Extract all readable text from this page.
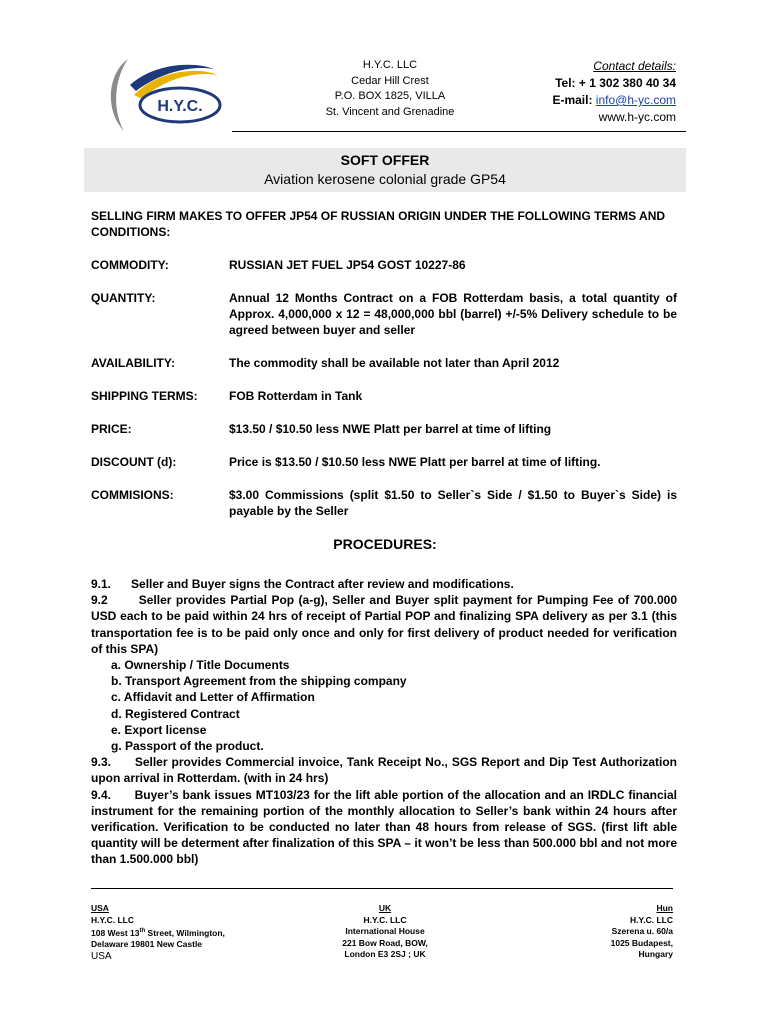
H.Y.C.
H.Y.C. LLC
Cedar Hill Crest
P.O. BOX 1825, VILLA
St. Vincent and Grenadine
Contact details:
Tel: + 1 302 380 40 34
E-mail: info@h-yc.com
www.h-yc.com
SOFT OFFER
Aviation kerosene colonial grade GP54
SELLING FIRM MAKES TO OFFER JP54 OF RUSSIAN ORIGIN UNDER THE FOLLOWING TERMS AND CONDITIONS:
COMMODITY:	RUSSIAN JET FUEL JP54 GOST 10227-86
QUANTITY:	Annual 12 Months Contract on a FOB Rotterdam basis, a total quantity of Approx. 4,000,000 x 12 = 48,000,000 bbl (barrel) +/-5% Delivery schedule to be agreed between buyer and seller
AVAILABILITY:	The commodity shall be available not later than April 2012
SHIPPING TERMS:	FOB Rotterdam in Tank
PRICE:	$13.50 / $10.50 less NWE Platt per barrel at time of lifting
DISCOUNT (d):	Price is $13.50 / $10.50 less NWE Platt per barrel at time of lifting.
COMMISIONS:	$3.00 Commissions (split $1.50 to Seller`s Side / $1.50 to Buyer`s Side) is payable by the Seller
PROCEDURES:

9.1.      Seller and Buyer signs the Contract after review and modifications.

9.2       Seller provides Partial Pop (a-g), Seller and Buyer split payment for Pumping Fee of 700.000 USD each to be paid within 24 hrs of receipt of Partial POP and finalizing SPA delivery as per 3.1 (this transportation fee is to be paid only once and only for first delivery of product needed for verification of this SPA)

a. Ownership / Title Documents

b. Transport Agreement from the shipping company

c. Affidavit and Letter of Affirmation

d. Registered Contract

e. Export license

g. Passport of the product.

9.3.      Seller provides Commercial invoice, Tank Receipt No., SGS Report and Dip Test Authorization upon arrival in Rotterdam. (with in 24 hrs)

9.4.      Buyer’s bank issues MT103/23 for the lift able portion of the allocation and an IRDLC financial instrument for the remaining portion of the monthly allocation to Seller’s bank within 24 hours after verification. Verification to be conducted no later than 48 hours from release of SGS. (first lift able quantity will be determent after finalization of this SPA – it won’t be less than 500.000 bbl and not more than 1.500.000 bbl)

USA
H.Y.C. LLC
108 West 13th Street, Wilmington,
Delaware 19801 New Castle
USA
UK
H.Y.C. LLC
International House
221 Bow Road, BOW,
London E3 2SJ ; UK
Hun
H.Y.C. LLC
Szerena u. 60/a
1025 Budapest,
Hungary
